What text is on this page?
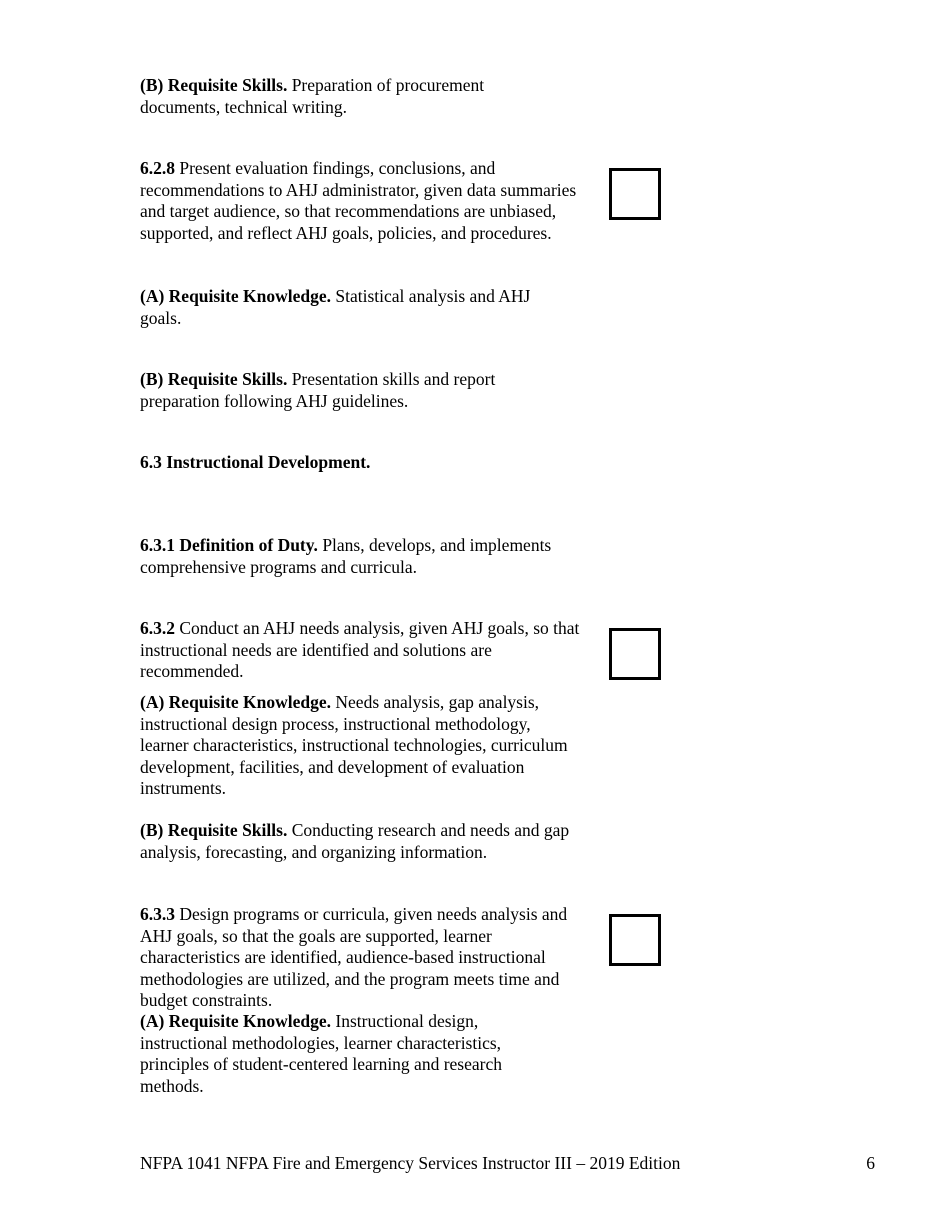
(B) Requisite Skills. Preparation of procurement documents, technical writing.

6.2.8 Present evaluation findings, conclusions, and recommendations to AHJ administrator, given data summaries and target audience, so that recommendations are unbiased, supported, and reflect AHJ goals, policies, and procedures.

(A) Requisite Knowledge. Statistical analysis and AHJ goals.

(B) Requisite Skills. Presentation skills and report preparation following AHJ guidelines.

6.3 Instructional Development.

6.3.1 Definition of Duty. Plans, develops, and implements comprehensive programs and curricula.

6.3.2 Conduct an AHJ needs analysis, given AHJ goals, so that instructional needs are identified and solutions are recommended.

(A) Requisite Knowledge. Needs analysis, gap analysis, instructional design process, instructional methodology, learner characteristics, instructional technologies, curriculum development, facilities, and development of evaluation instruments.

(B) Requisite Skills. Conducting research and needs and gap analysis, forecasting, and organizing information.

6.3.3 Design programs or curricula, given needs analysis and AHJ goals, so that the goals are supported, learner characteristics are identified, audience-based instructional methodologies are utilized, and the program meets time and budget constraints.

(A) Requisite Knowledge. Instructional design, instructional methodologies, learner characteristics, principles of student-centered learning and research methods.

NFPA 1041 NFPA Fire and Emergency Services Instructor III – 2019 Edition	6
